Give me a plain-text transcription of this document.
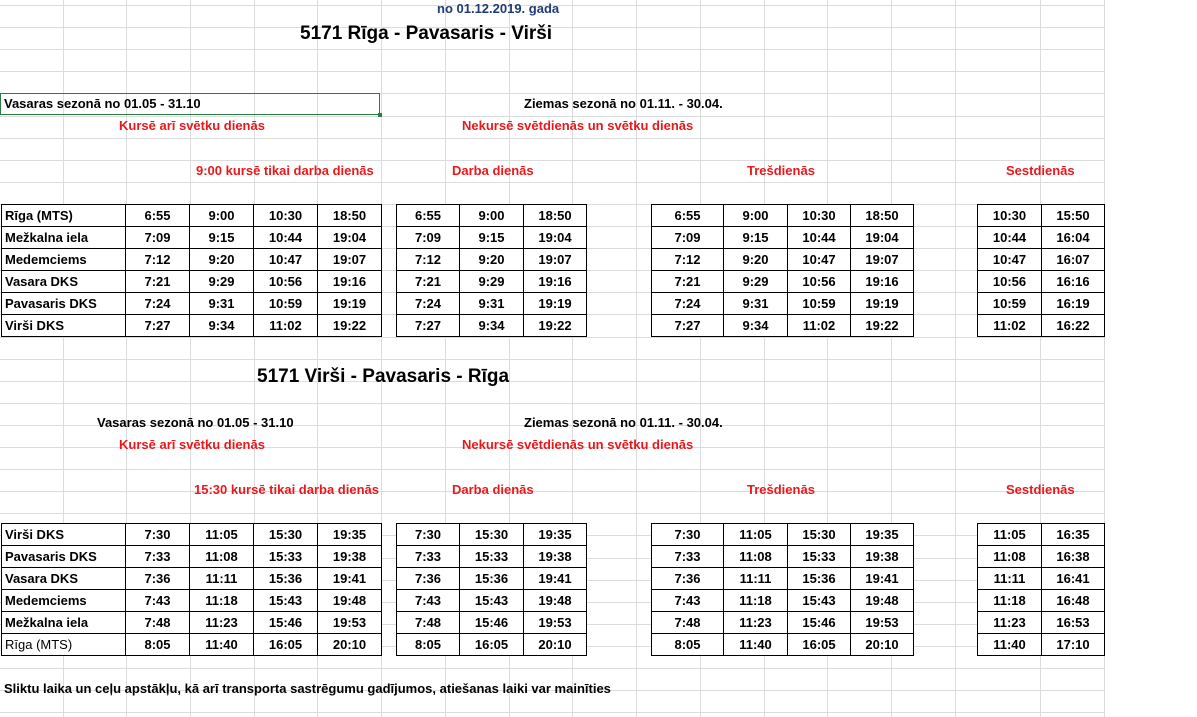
no 01.12.2019. gada
5171 Rīga - Pavasaris - Virši
Vasaras sezonā no 01.05 - 31.10	Ziemas sezonā no 01.11. - 30.04.
Kursē arī svētku dienās	Nekursē svētdienās un svētku dienās
9:00 kursē tikai darba dienās	Darba dienās	Trešdienās	Sestdienās
Rīga (MTS)	6:55	9:00	10:30	18:50
Mežkalna iela	7:09	9:15	10:44	19:04
Medemciems	7:12	9:20	10:47	19:07
Vasara DKS	7:21	9:29	10:56	19:16
Pavasaris DKS	7:24	9:31	10:59	19:19
Virši DKS	7:27	9:34	11:02	19:22
6:55	9:00	18:50
7:09	9:15	19:04
7:12	9:20	19:07
7:21	9:29	19:16
7:24	9:31	19:19
7:27	9:34	19:22
6:55	9:00	10:30	18:50
7:09	9:15	10:44	19:04
7:12	9:20	10:47	19:07
7:21	9:29	10:56	19:16
7:24	9:31	10:59	19:19
7:27	9:34	11:02	19:22
10:30	15:50
10:44	16:04
10:47	16:07
10:56	16:16
10:59	16:19
11:02	16:22
5171 Virši - Pavasaris - Rīga
Vasaras sezonā no 01.05 - 31.10	Ziemas sezonā no 01.11. - 30.04.
Kursē arī svētku dienās	Nekursē svētdienās un svētku dienās
15:30 kursē tikai darba dienās	Darba dienās	Trešdienās	Sestdienās
Virši DKS	7:30	11:05	15:30	19:35
Pavasaris DKS	7:33	11:08	15:33	19:38
Vasara DKS	7:36	11:11	15:36	19:41
Medemciems	7:43	11:18	15:43	19:48
Mežkalna iela	7:48	11:23	15:46	19:53
Rīga (MTS)	8:05	11:40	16:05	20:10
7:30	15:30	19:35
7:33	15:33	19:38
7:36	15:36	19:41
7:43	15:43	19:48
7:48	15:46	19:53
8:05	16:05	20:10
7:30	11:05	15:30	19:35
7:33	11:08	15:33	19:38
7:36	11:11	15:36	19:41
7:43	11:18	15:43	19:48
7:48	11:23	15:46	19:53
8:05	11:40	16:05	20:10
11:05	16:35
11:08	16:38
11:11	16:41
11:18	16:48
11:23	16:53
11:40	17:10
Sliktu laika un ceļu apstākļu, kā arī transporta sastrēgumu gadījumos, atiešanas laiki var mainīties
